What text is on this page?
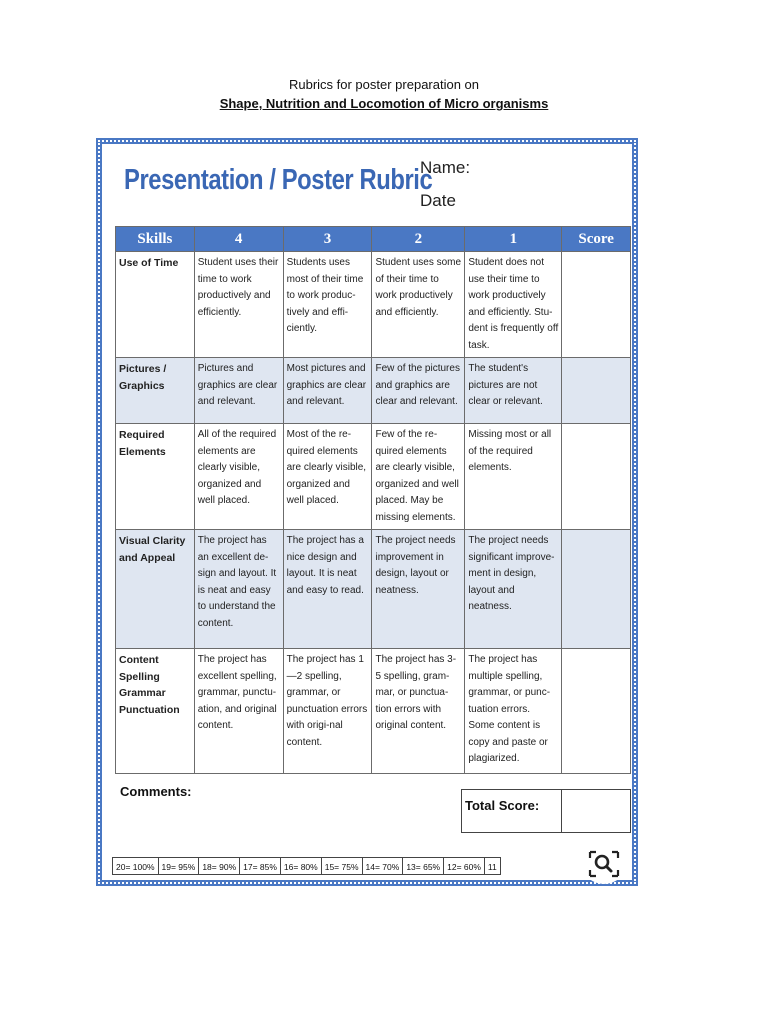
Rubrics for poster preparation on
Shape, Nutrition and Locomotion of Micro organisms
Presentation / Poster Rubric
Name:
Date
Skills	4	3	2	1	Score
Use of Time	Student uses their time to work productively and efficiently.	Students uses most of their time to work produc-tively and effi-ciently.	Student uses some of their time to work productively and efficiently.	Student does not use their time to work productively and efficiently. Stu-dent is frequently off task.	
Pictures / Graphics	Pictures and graphics are clear and relevant.	Most pictures and graphics are clear and relevant.	Few of the pictures and graphics are clear and relevant.	The student's pictures are not clear or relevant.	
Required Elements	All of the required elements are clearly visible, organized and well placed.	Most of the re-quired elements are clearly visible, organized and well placed.	Few of the re-quired elements are clearly visible, organized and well placed. May be missing elements.	Missing most or all of the required elements.	
Visual Clarity and Appeal	The project has an excellent de-sign and layout. It is neat and easy to understand the content.	The project has a nice design and layout. It is neat and easy to read.	The project needs improvement in design, layout or neatness.	The project needs significant improve-ment in design, layout and neatness.	
Content Spelling Grammar Punctuation	The project has excellent spelling, grammar, punctu-ation, and original content.	The project has 1—2 spelling, grammar, or punctuation errors with origi-nal content.	The project has 3-5 spelling, gram-mar, or punctua-tion errors with original content.	The project has multiple spelling, grammar, or punc-tuation errors. Some content is copy and paste or plagiarized.	
Comments:
Total Score:
20= 100% 19= 95% 18= 90% 17= 85% 16= 80% 15= 75% 14= 70% 13= 65% 12= 60% 11
